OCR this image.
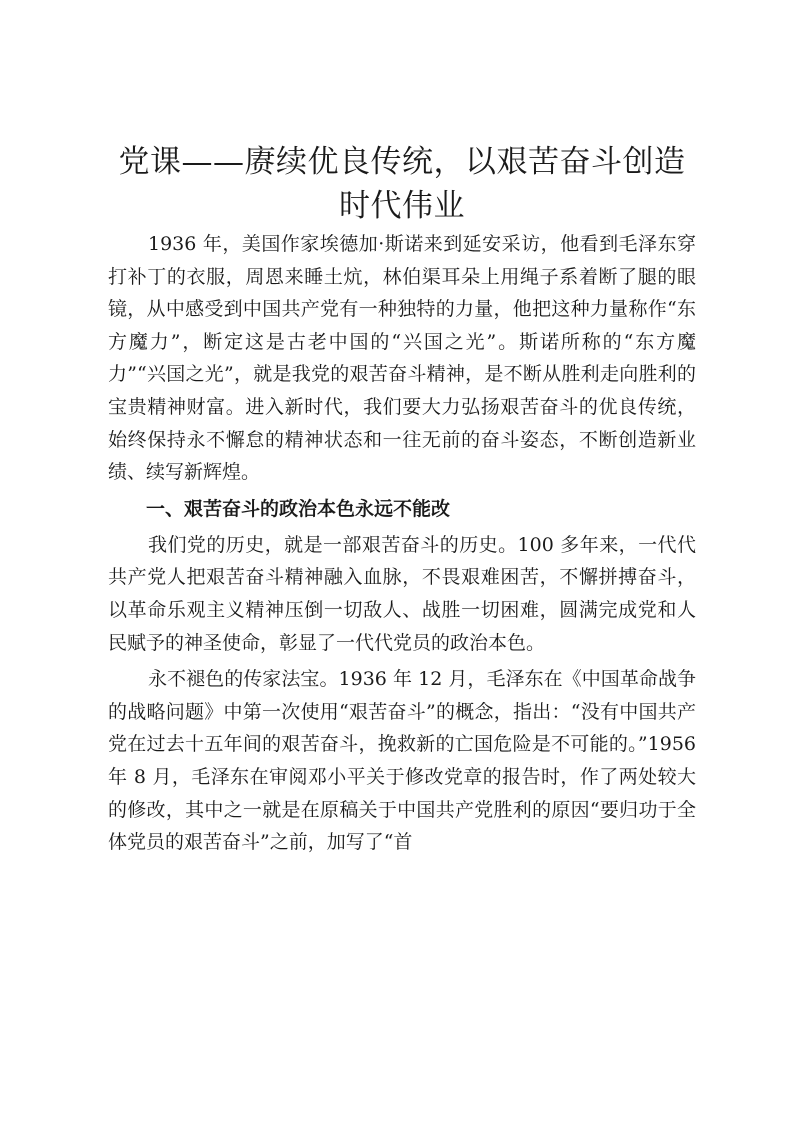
党课——赓续优良传统，以艰苦奋斗创造时代伟业

1936 年，美国作家埃德加·斯诺来到延安采访，他看到毛泽东穿打补丁的衣服，周恩来睡土炕，林伯渠耳朵上用绳子系着断了腿的眼镜，从中感受到中国共产党有一种独特的力量，他把这种力量称作“东方魔力”，断定这是古老中国的“兴国之光”。斯诺所称的“东方魔力”“兴国之光”，就是我党的艰苦奋斗精神，是不断从胜利走向胜利的宝贵精神财富。进入新时代，我们要大力弘扬艰苦奋斗的优良传统，始终保持永不懈怠的精神状态和一往无前的奋斗姿态，不断创造新业绩、续写新辉煌。

一、艰苦奋斗的政治本色永远不能改

我们党的历史，就是一部艰苦奋斗的历史。100 多年来，一代代共产党人把艰苦奋斗精神融入血脉，不畏艰难困苦，不懈拼搏奋斗，以革命乐观主义精神压倒一切敌人、战胜一切困难，圆满完成党和人民赋予的神圣使命，彰显了一代代党员的政治本色。

永不褪色的传家法宝。1936 年 12 月，毛泽东在《中国革命战争的战略问题》中第一次使用“艰苦奋斗”的概念，指出：“没有中国共产党在过去十五年间的艰苦奋斗，挽救新的亡国危险是不可能的。”1956 年 8 月，毛泽东在审阅邓小平关于修改党章的报告时，作了两处较大的修改，其中之一就是在原稿关于中国共产党胜利的原因“要归功于全体党员的艰苦奋斗”之前，加写了“首
